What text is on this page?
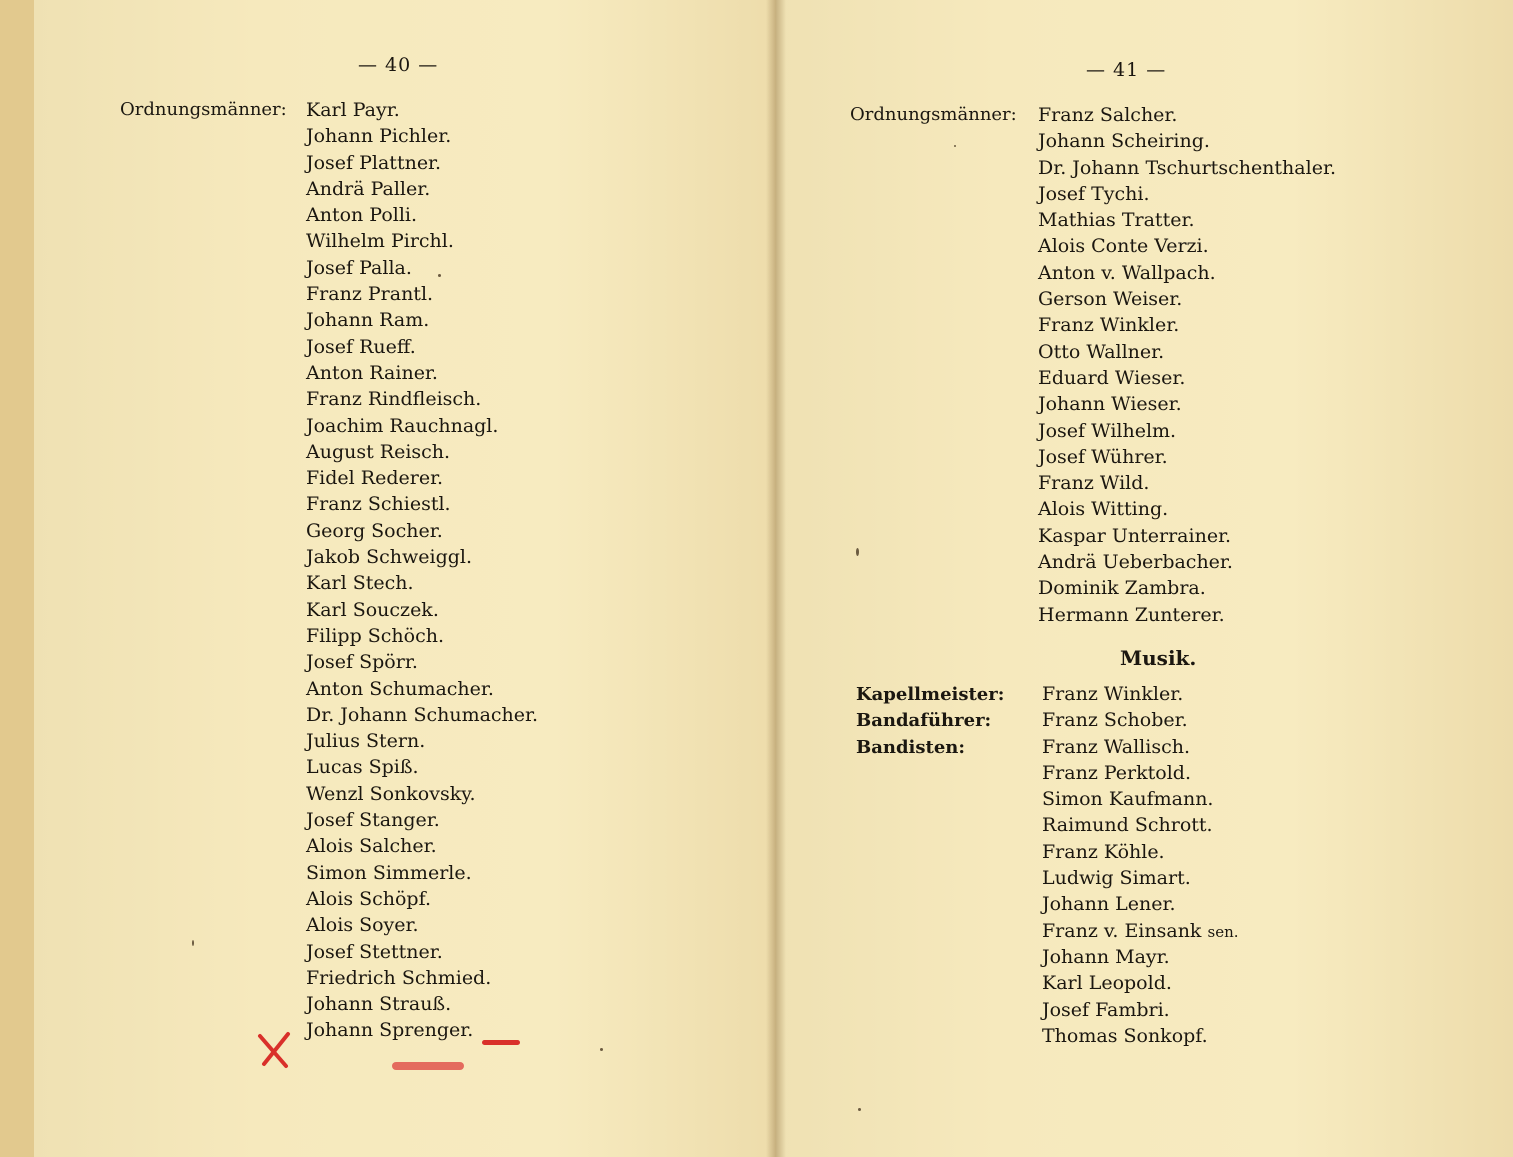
— 40 —
Ordnungsmänner: Karl Payr.
Johann Pichler.
Josef Plattner.
Andrä Paller.
Anton Polli.
Wilhelm Pirchl.
Josef Palla.
Franz Prantl.
Johann Ram.
Josef Rueff.
Anton Rainer.
Franz Rindfleisch.
Joachim Rauchnagl.
August Reisch.
Fidel Rederer.
Franz Schiestl.
Georg Socher.
Jakob Schweiggl.
Karl Stech.
Karl Souczek.
Filipp Schöch.
Josef Spörr.
Anton Schumacher.
Dr. Johann Schumacher.
Julius Stern.
Lucas Spiß.
Wenzl Sonkovsky.
Josef Stanger.
Alois Salcher.
Simon Simmerle.
Alois Schöpf.
Alois Soyer.
Josef Stettner.
Friedrich Schmied.
Johann Strauß.
Johann Sprenger.
— 41 —
Ordnungsmänner: Franz Salcher.
Johann Scheiring.
Dr. Johann Tschurtschenthaler.
Josef Tychi.
Mathias Tratter.
Alois Conte Verzi.
Anton v. Wallpach.
Gerson Weiser.
Franz Winkler.
Otto Wallner.
Eduard Wieser.
Johann Wieser.
Josef Wilhelm.
Josef Wührer.
Franz Wild.
Alois Witting.
Kaspar Unterrainer.
Andrä Ueberbacher.
Dominik Zambra.
Hermann Zunterer.
Musik.
Kapellmeister:
Bandaführer:
Bandisten:
Franz Winkler.
Franz Schober.
Franz Wallisch.
Franz Perktold.
Simon Kaufmann.
Raimund Schrott.
Franz Köhle.
Ludwig Simart.
Johann Lener.
Franz v. Einsank sen.
Johann Mayr.
Karl Leopold.
Josef Fambri.
Thomas Sonkopf.
